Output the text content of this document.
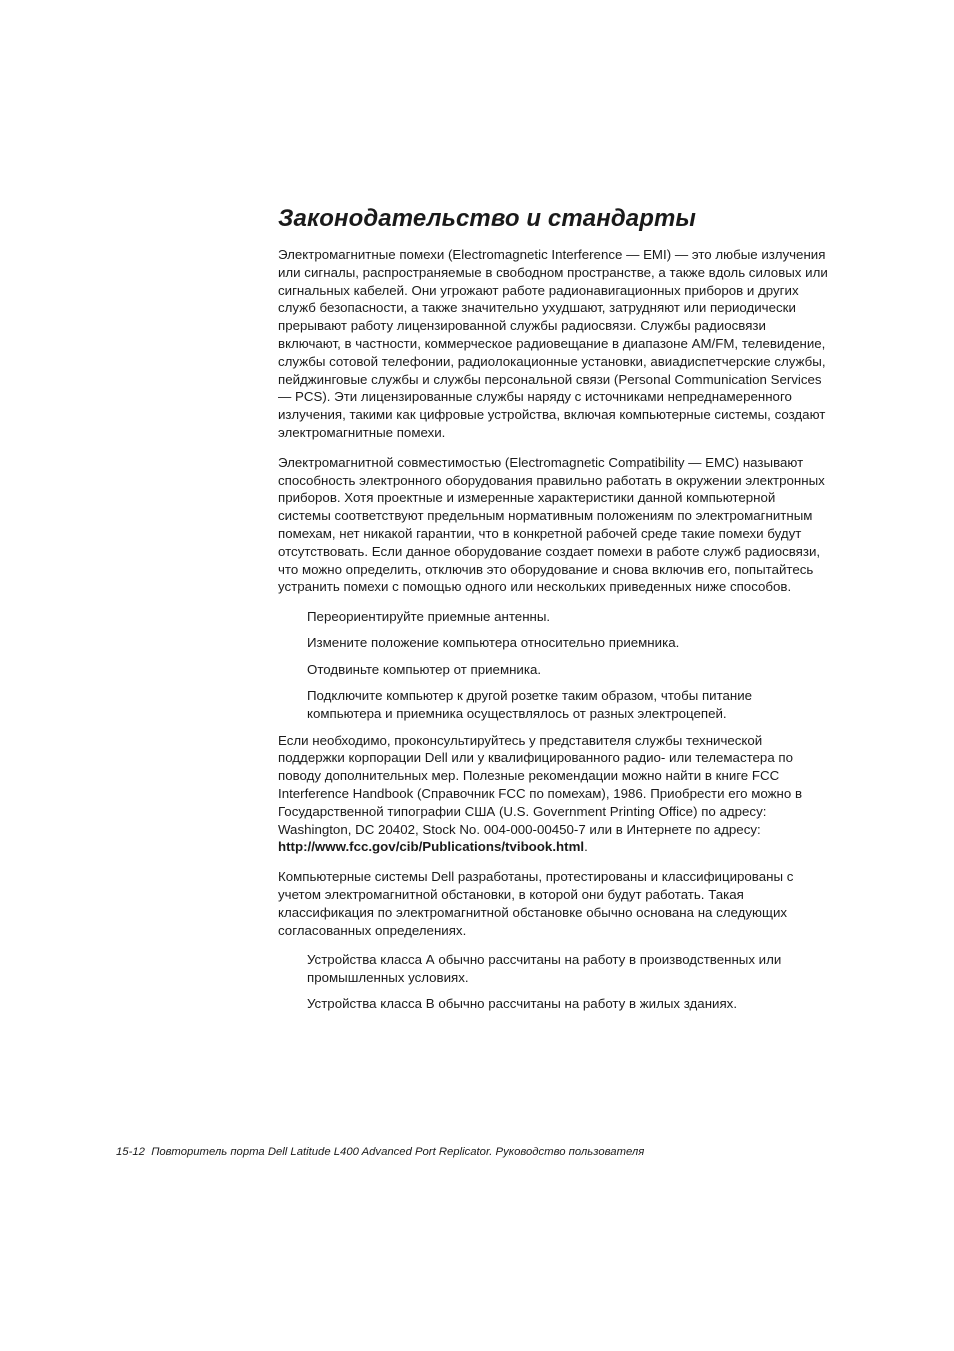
Законодательство и стандарты

Электромагнитные помехи (Electromagnetic Interference — EMI) — это любые излучения или сигналы, распространяемые в свободном пространстве, а также вдоль силовых или сигнальных кабелей. Они угрожают работе радионавигационных приборов и других служб безопасности, а также значительно ухудшают, затрудняют или периодически прерывают работу лицензированной службы радиосвязи. Службы радиосвязи включают, в частности, коммерческое радиовещание в диапазоне AM/FM, телевидение, службы сотовой телефонии, радиолокационные установки, авиадиспетчерские службы, пейджинговые службы и службы персональной связи (Personal Communication Services — PCS). Эти лицензированные службы наряду с источниками непреднамеренного излучения, такими как цифровые устройства, включая компьютерные системы, создают электромагнитные помехи.

Электромагнитной совместимостью (Electromagnetic Compatibility — EMC) называют способность электронного оборудования правильно работать в окружении электронных приборов. Хотя проектные и измеренные характеристики данной компьютерной системы соответствуют предельным нормативным положениям по электромагнитным помехам, нет никакой гарантии, что в конкретной рабочей среде такие помехи будут отсутствовать. Если данное оборудование создает помехи в работе служб радиосвязи, что можно определить, отключив это оборудование и снова включив его, попытайтесь устранить помехи с помощью одного или нескольких приведенных ниже способов.

Переориентируйте приемные антенны.
Измените положение компьютера относительно приемника.
Отодвиньте компьютер от приемника.
Подключите компьютер к другой розетке таким образом, чтобы питание компьютера и приемника осуществлялось от разных электроцепей.

Если необходимо, проконсультируйтесь у представителя службы технической поддержки корпорации Dell или у квалифицированного радио- или телемастера по поводу дополнительных мер. Полезные рекомендации можно найти в книге FCC Interference Handbook (Справочник FCC по помехам), 1986. Приобрести его можно в Государственной типографии США (U.S. Government Printing Office) по адресу: Washington, DC 20402, Stock No. 004-000-00450-7 или в Интернете по адресу: http://www.fcc.gov/cib/Publications/tvibook.html.

Компьютерные системы Dell разработаны, протестированы и классифицированы с учетом электромагнитной обстановки, в которой они будут работать. Такая классификация по электромагнитной обстановке обычно основана на следующих согласованных определениях.

Устройства класса А обычно рассчитаны на работу в производственных или промышленных условиях.
Устройства класса В обычно рассчитаны на работу в жилых зданиях.
15-12 Повторитель порта Dell Latitude L400 Advanced Port Replicator. Руководство пользователя
